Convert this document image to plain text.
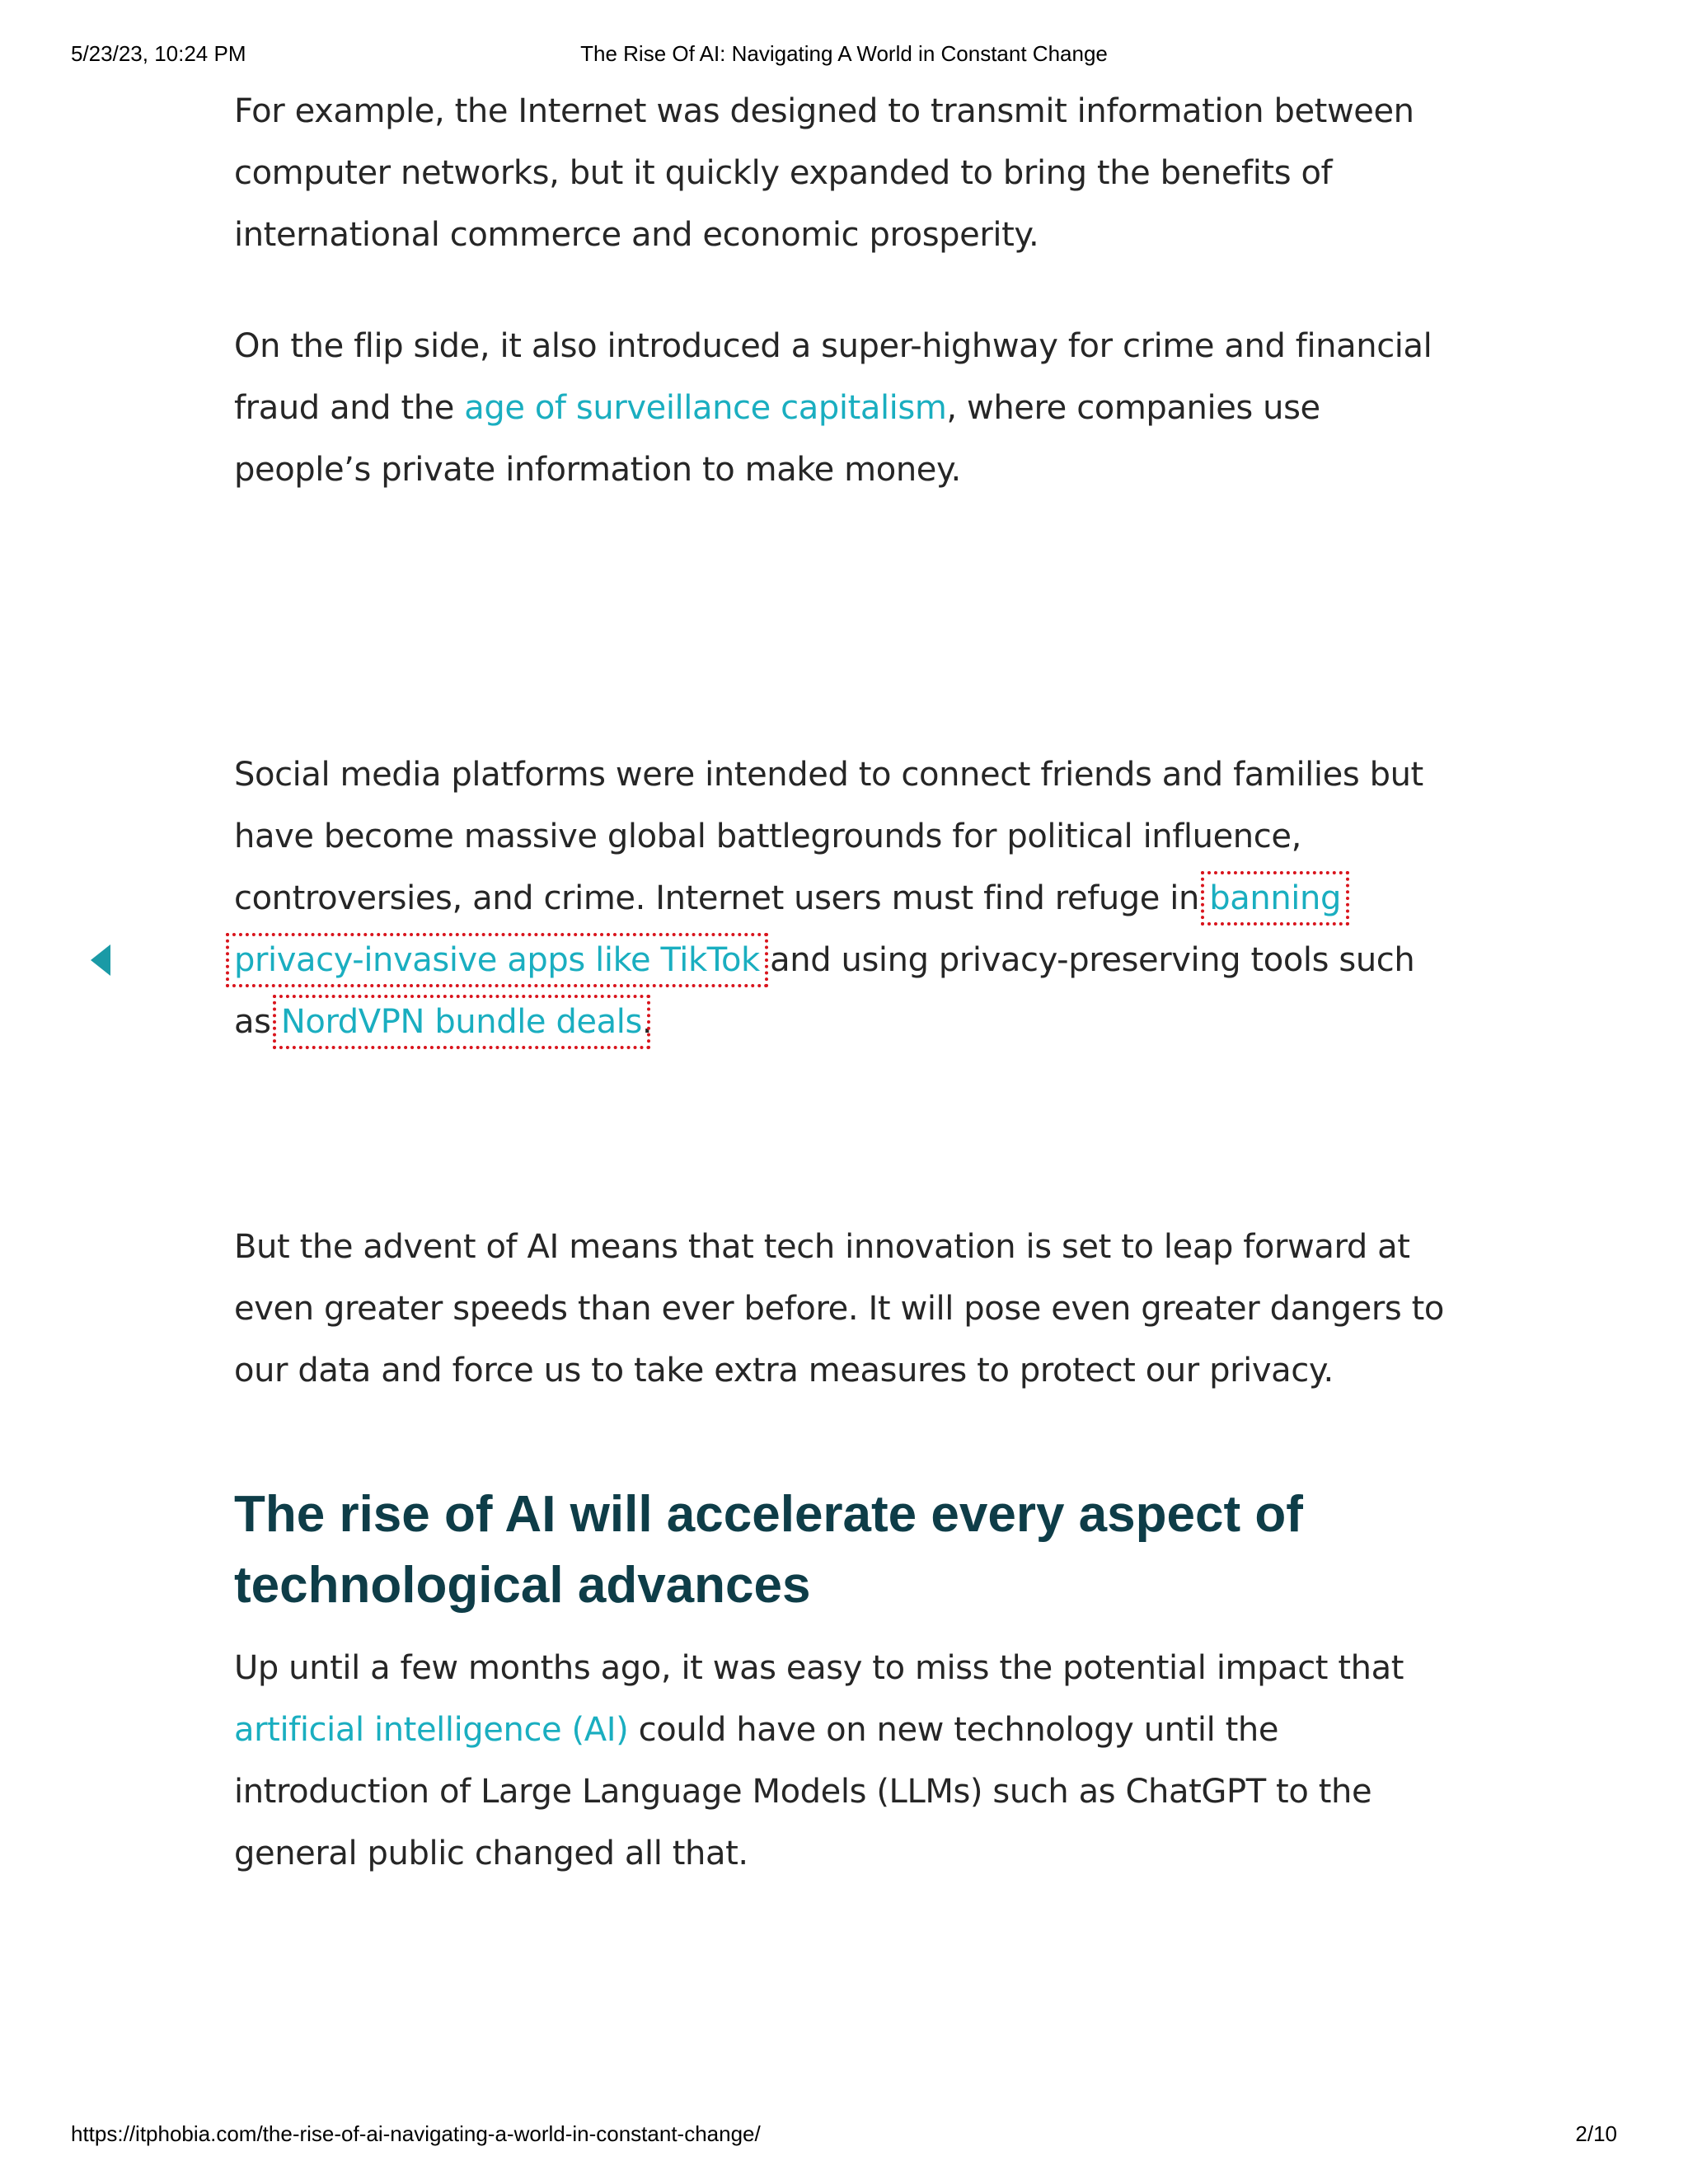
5/23/23, 10:24 PM	The Rise Of AI: Navigating A World in Constant Change

For example, the Internet was designed to transmit information between
computer networks, but it quickly expanded to bring the benefits of
international commerce and economic prosperity.

On the flip side, it also introduced a super-highway for crime and financial
fraud and the age of surveillance capitalism, where companies use
people’s private information to make money.

Social media platforms were intended to connect friends and families but
have become massive global battlegrounds for political influence,
controversies, and crime. Internet users must find refuge in banning
privacy-invasive apps like TikTok and using privacy-preserving tools such
as NordVPN bundle deals.

But the advent of AI means that tech innovation is set to leap forward at
even greater speeds than ever before. It will pose even greater dangers to
our data and force us to take extra measures to protect our privacy.

The rise of AI will accelerate every aspect of
technological advances

Up until a few months ago, it was easy to miss the potential impact that
artificial intelligence (AI) could have on new technology until the
introduction of Large Language Models (LLMs) such as ChatGPT to the
general public changed all that.

https://itphobia.com/the-rise-of-ai-navigating-a-world-in-constant-change/	2/10
